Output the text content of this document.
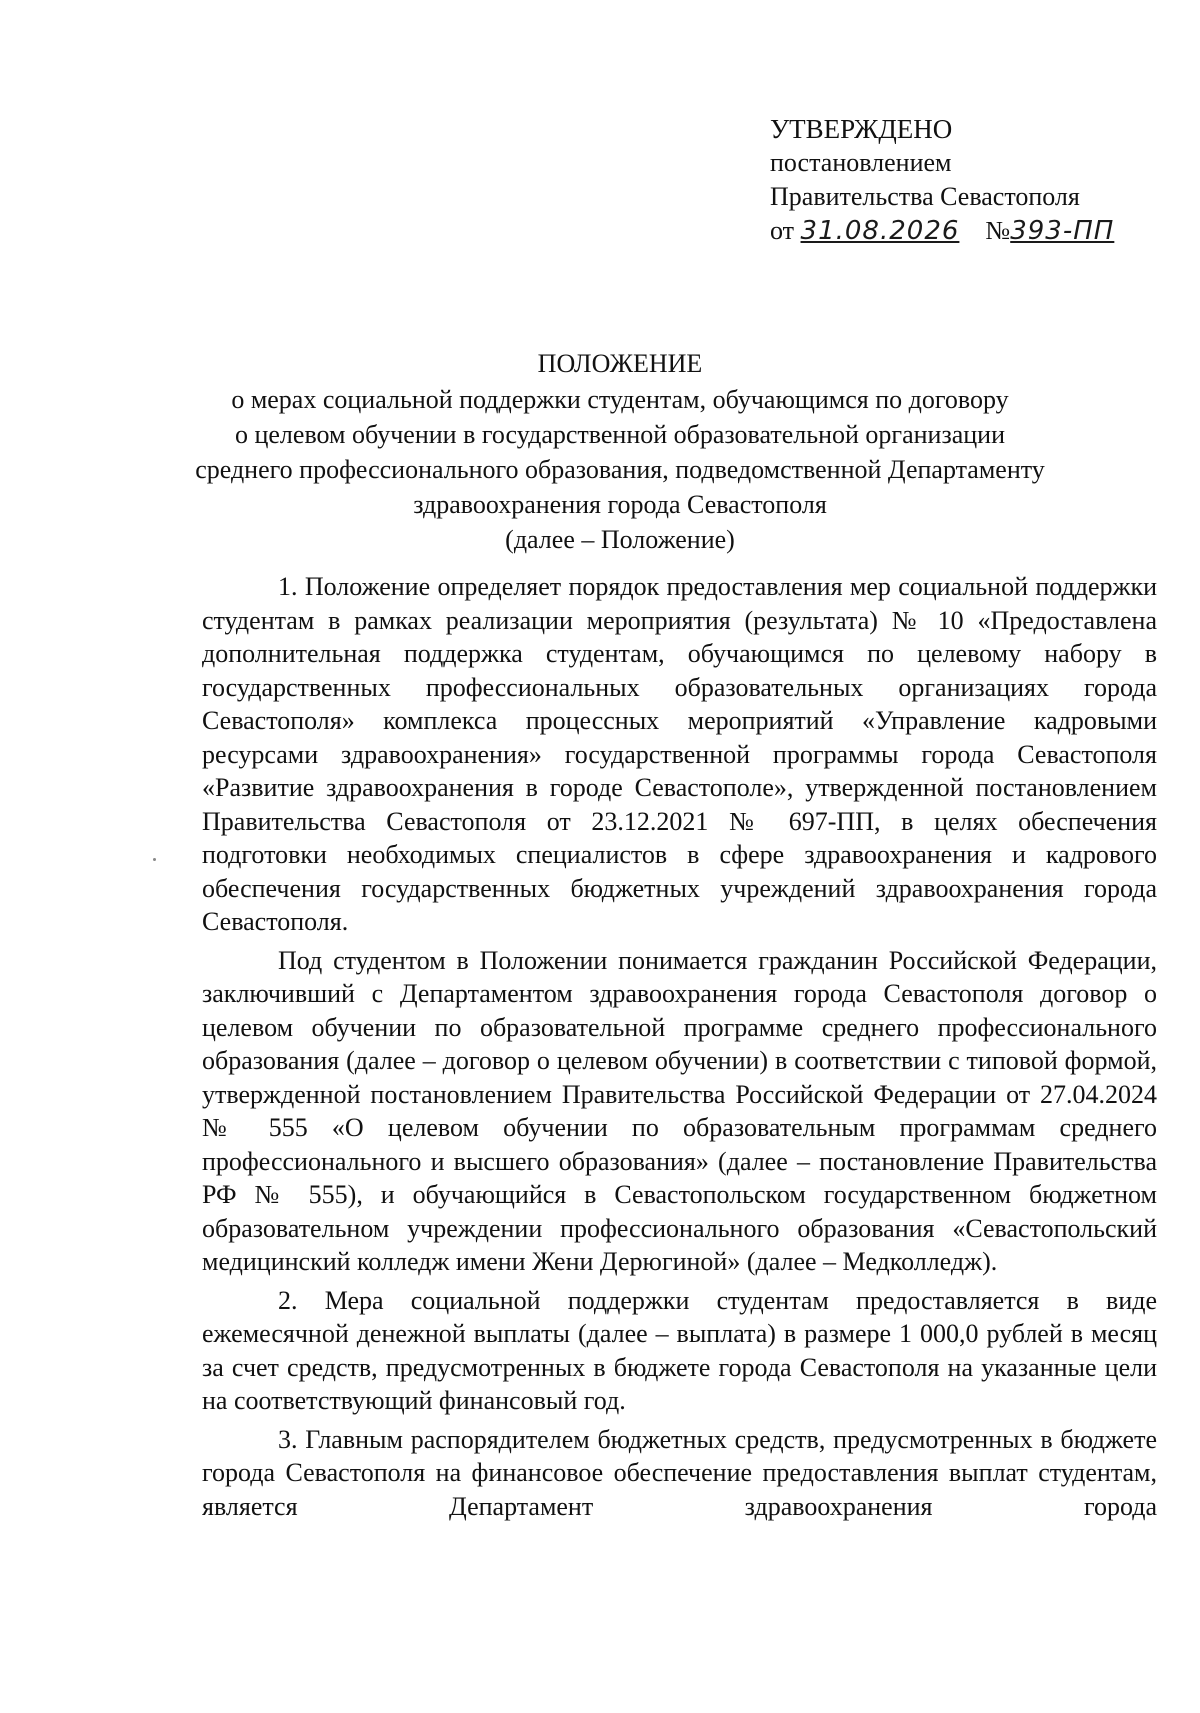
УТВЕРЖДЕНО
постановлением
Правительства Севастополя
от 31.08.2026 №393-ПП
ПОЛОЖЕНИЕ
о мерах социальной поддержки студентам, обучающимся по договору
о целевом обучении в государственной образовательной организации
среднего профессионального образования, подведомственной Департаменту
здравоохранения города Севастополя
(далее – Положение)

1. Положение определяет порядок предоставления мер социальной поддержки студентам в рамках реализации мероприятия (результата) № 10 «Предоставлена дополнительная поддержка студентам, обучающимся по целевому набору в государственных профессиональных образовательных организациях города Севастополя» комплекса процессных мероприятий «Управление кадровыми ресурсами здравоохранения» государственной программы города Севастополя «Развитие здравоохранения в городе Севастополе», утвержденной постановлением Правительства Севастополя от 23.12.2021 № 697-ПП, в целях обеспечения подготовки необходимых специалистов в сфере здравоохранения и кадрового обеспечения государственных бюджетных учреждений здравоохранения города Севастополя.

Под студентом в Положении понимается гражданин Российской Федерации, заключивший с Департаментом здравоохранения города Севастополя договор о целевом обучении по образовательной программе среднего профессионального образования (далее – договор о целевом обучении) в соответствии с типовой формой, утвержденной постановлением Правительства Российской Федерации от 27.04.2024 № 555 «О целевом обучении по образовательным программам среднего профессионального и высшего образования» (далее – постановление Правительства РФ № 555), и обучающийся в Севастопольском государственном бюджетном образовательном учреждении профессионального образования «Севастопольский медицинский колледж имени Жени Дерюгиной» (далее – Медколледж).

2. Мера социальной поддержки студентам предоставляется в виде ежемесячной денежной выплаты (далее – выплата) в размере 1 000,0 рублей в месяц за счет средств, предусмотренных в бюджете города Севастополя на указанные цели на соответствующий финансовый год.

3. Главным распорядителем бюджетных средств, предусмотренных в бюджете города Севастополя на финансовое обеспечение предоставления выплат студентам, является Департамент здравоохранения города
